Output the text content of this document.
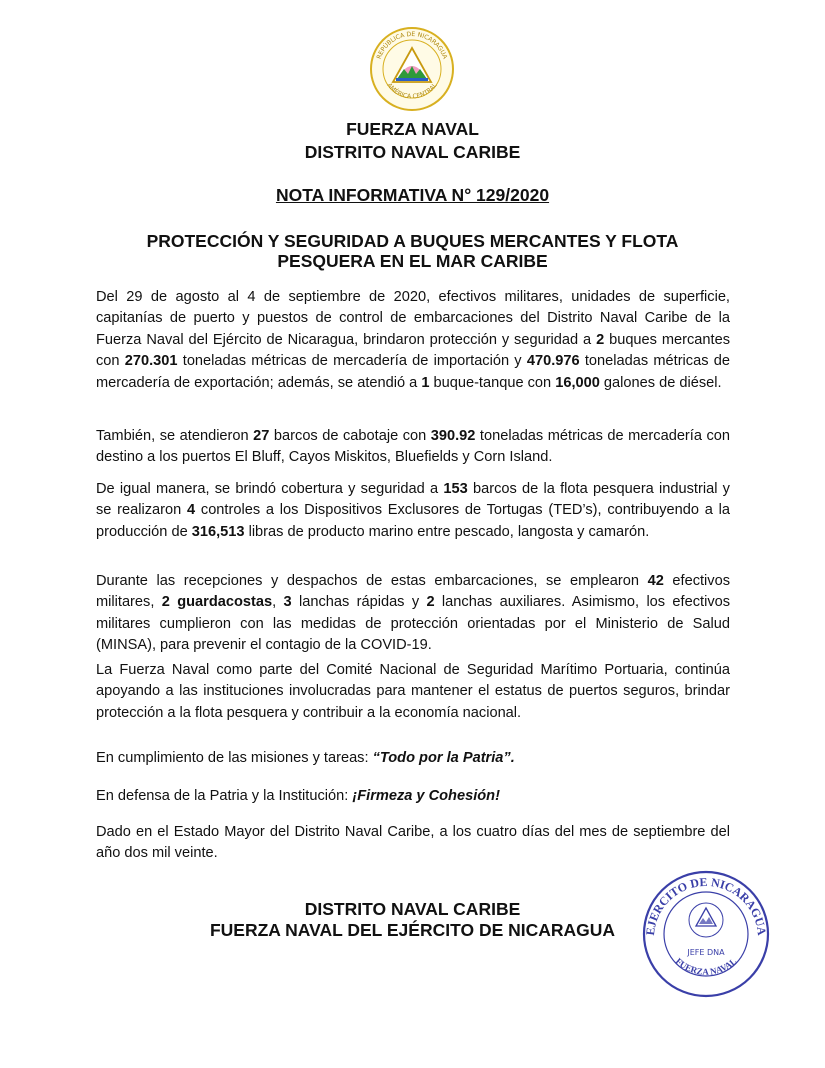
REPÚBLICA DE NICARAGUA
AMÉRICA CENTRAL
FUERZA NAVAL
DISTRITO NAVAL CARIBE
NOTA INFORMATIVA N° 129/2020
PROTECCIÓN Y SEGURIDAD A BUQUES MERCANTES Y FLOTA
PESQUERA EN EL MAR CARIBE
Del 29 de agosto al 4 de septiembre de 2020, efectivos militares, unidades de superficie, capitanías de puerto y puestos de control de embarcaciones del Distrito Naval Caribe de la Fuerza Naval del Ejército de Nicaragua, brindaron protección y seguridad a 2 buques mercantes con 270.301 toneladas métricas de mercadería de importación y 470.976 toneladas métricas de mercadería de exportación; además, se atendió a 1 buque-tanque con 16,000 galones de diésel.
También, se atendieron 27 barcos de cabotaje con 390.92 toneladas métricas de mercadería con destino a los puertos El Bluff, Cayos Miskitos, Bluefields y Corn Island.
De igual manera, se brindó cobertura y seguridad a 153 barcos de la flota pesquera industrial y se realizaron 4 controles a los Dispositivos Exclusores de Tortugas (TED’s), contribuyendo a la producción de 316,513 libras de producto marino entre pescado, langosta y camarón.
Durante las recepciones y despachos de estas embarcaciones, se emplearon 42 efectivos militares, 2 guardacostas, 3 lanchas rápidas y 2 lanchas auxiliares. Asimismo, los efectivos militares cumplieron con las medidas de protección orientadas por el Ministerio de Salud (MINSA), para prevenir el contagio de la COVID-19.
La Fuerza Naval como parte del Comité Nacional de Seguridad Marítimo Portuaria, continúa apoyando a las instituciones involucradas para mantener el estatus de puertos seguros, brindar protección a la flota pesquera y contribuir a la economía nacional.
En cumplimiento de las misiones y tareas: “Todo por la Patria”.
En defensa de la Patria y la Institución: ¡Firmeza y Cohesión!
Dado en el Estado Mayor del Distrito Naval Caribe, a los cuatro días del mes de septiembre del año dos mil veinte.
DISTRITO NAVAL CARIBE
FUERZA NAVAL DEL EJÉRCITO DE NICARAGUA	EJERCITO DE NICARAGUA
FUERZA NAVAL
JEFE DNA
